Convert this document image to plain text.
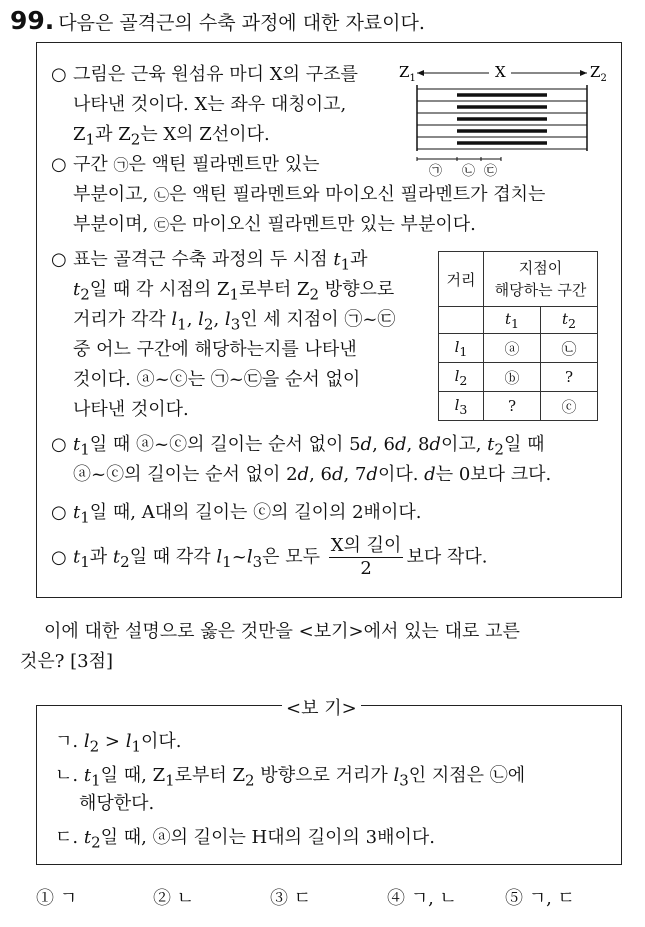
99. 다음은 골격근의 수축 과정에 대한 자료이다.
○ 그림은 근육 원섬유 마디 X의 구조를
나타낸 것이다. X는 좌우 대칭이고,
$Z_1$과 $Z_2$는 X의 Z선이다.
$Z_1$	$Z_2$
X
㉠ ㉡ ㉢
○ 구간 ㉠은 액틴 필라멘트만 있는
부분이고, ㉡은 액틴 필라멘트와 마이오신 필라멘트가 겹치는
부분이며, ㉢은 마이오신 필라멘트만 있는 부분이다.
○ 표는 골격근 수축 과정의 두 시점 $t_1$과
$t_2$일 때 각 시점의 $Z_1$로부터 $Z_2$ 방향으로
거리가 각각 $l_1$, $l_2$, $l_3$인 세 지점이 ㉠~㉢
중 어느 구간에 해당하는지를 나타낸
것이다. ⓐ~ⓒ는 ㉠~㉢을 순서 없이
나타낸 것이다.
○ $t_1$일 때 ⓐ~ⓒ의 길이는 순서 없이 5d, 6d, 8d이고, $t_2$일 때
ⓐ~ⓒ의 길이는 순서 없이 2d, 6d, 7d이다. d는 0보다 크다.
○ $t_1$일 때, A대의 길이는 ⓒ의 길이의 2배이다.
○ $t_1$과 $t_2$일 때 각각 $l_1\sim l_3$은 모두 $\frac{\text{X의 길이}}{2}$ 보다 작다.
거리	지점이
해당하는 구간	

	$t_1$	$t_2$
$l_1$	ⓐ	㉡
$l_2$	ⓑ	?
$l_3$	?	ⓒ
이에 대한 설명으로 옳은 것만을 <보기>에서 있는 대로 고른
것은? [3점]
ㄱ. $l_2 > l_1$이다.
ㄴ. $t_1$일 때, $Z_1$로부터 $Z_2$ 방향으로 거리가 $l_3$인 지점은 ㉡에
해당한다.
ㄷ. $t_2$일 때, ⓐ의 길이는 H대의 길이의 3배이다.
<보 기>
① ㄱ	② ㄴ	③ ㄷ	④ ㄱ, ㄴ	⑤ ㄱ, ㄷ
